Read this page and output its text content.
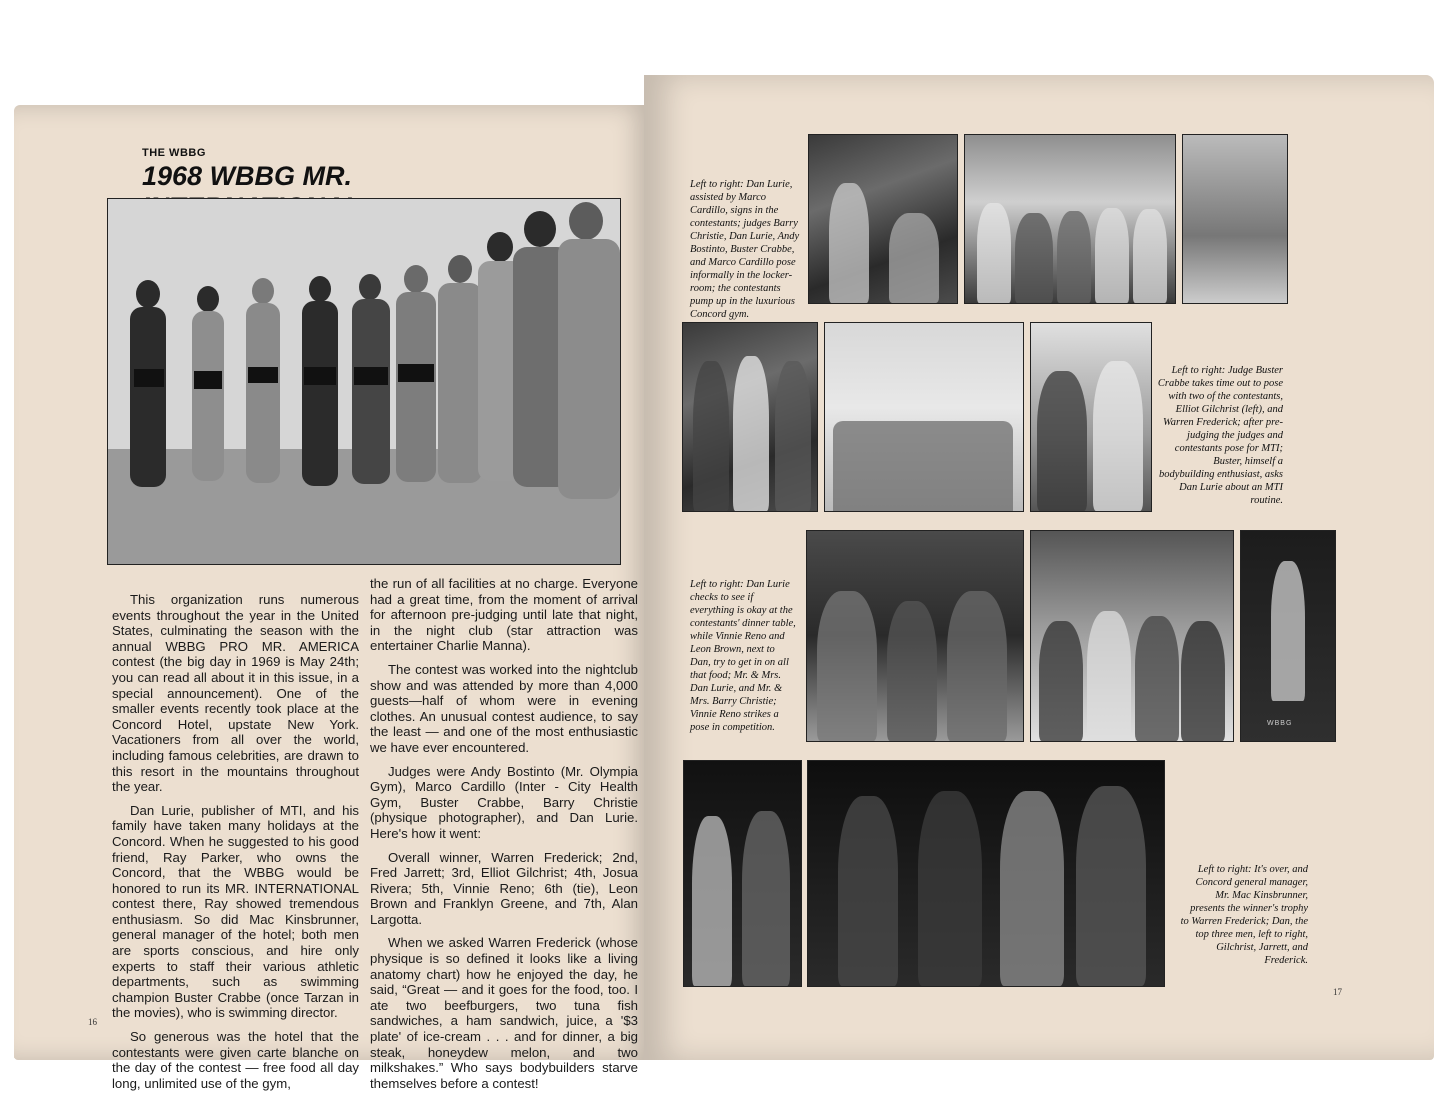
THE WBBG
1968 WBBG MR.

This organization runs numerous events throughout the year in the United States, culminating the season with the annual WBBG PRO MR. AMERICA contest (the big day in 1969 is May 24th; you can read all about it in this issue, in a special announcement). One of the smaller events recently took place at the Concord Hotel, upstate New York. Vacationers from all over the world, including famous celebrities, are drawn to this resort in the mountains throughout the year.

Dan Lurie, publisher of MTI, and his family have taken many holidays at the Concord. When he suggested to his good friend, Ray Parker, who owns the Concord, that the WBBG would be honored to run its MR. INTERNATIONAL contest there, Ray showed tremendous enthusiasm. So did Mac Kinsbrunner, general manager of the hotel; both men are sports conscious, and hire only experts to staff their various athletic departments, such as swimming champion Buster Crabbe (once Tarzan in the movies), who is swimming director.

So generous was the hotel that the contestants were given carte blanche on the day of the contest — free food all day long, unlimited use of the gym,

the run of all facilities at no charge. Everyone had a great time, from the moment of arrival for afternoon pre-judging until late that night, in the night club (star attraction was entertainer Charlie Manna).

The contest was worked into the nightclub show and was attended by more than 4,000 guests—half of whom were in evening clothes. An unusual contest audience, to say the least — and one of the most enthusiastic we have ever encountered.

Judges were Andy Bostinto (Mr. Olympia Gym), Marco Cardillo (Inter - City Health Gym, Buster Crabbe, Barry Christie (physique photographer), and Dan Lurie. Here's how it went:

Overall winner, Warren Frederick; 2nd, Fred Jarrett; 3rd, Elliot Gilchrist; 4th, Josua Rivera; 5th, Vinnie Reno; 6th (tie), Leon Brown and Franklyn Greene, and 7th, Alan Largotta.

When we asked Warren Frederick (whose physique is so defined it looks like a living anatomy chart) how he enjoyed the day, he said, “Great — and it goes for the food, too. I ate two beefburgers, two tuna fish sandwiches, a ham sandwich, juice, a '$3 plate' of ice-cream . . . and for dinner, a big steak, honeydew melon, and two milkshakes.” Who says bodybuilders starve themselves before a contest!

16
Left to right: Dan Lurie, assisted by Marco Cardillo, signs in the contestants; judges Barry Christie, Dan Lurie, Andy Bostinto, Buster Crabbe, and Marco Cardillo pose informally in the locker-room; the contestants pump up in the luxurious Concord gym.
Left to right: Judge Buster Crabbe takes time out to pose with two of the contestants, Elliot Gilchrist (left), and Warren Frederick; after pre-judging the judges and contestants pose for MTI; Buster, himself a bodybuilding enthusiast, asks Dan Lurie about an MTI routine.
Left to right: Dan Lurie checks to see if everything is okay at the contestants' dinner table, while Vinnie Reno and Leon Brown, next to Dan, try to get in on all that food; Mr. & Mrs. Dan Lurie, and Mr. & Mrs. Barry Christie; Vinnie Reno strikes a pose in competition.	WBBG
Left to right: It's over, and Concord general manager, Mr. Mac Kinsbrunner, presents the winner's trophy to Warren Frederick; Dan, the top three men, left to right, Gilchrist, Jarrett, and Frederick.
17
